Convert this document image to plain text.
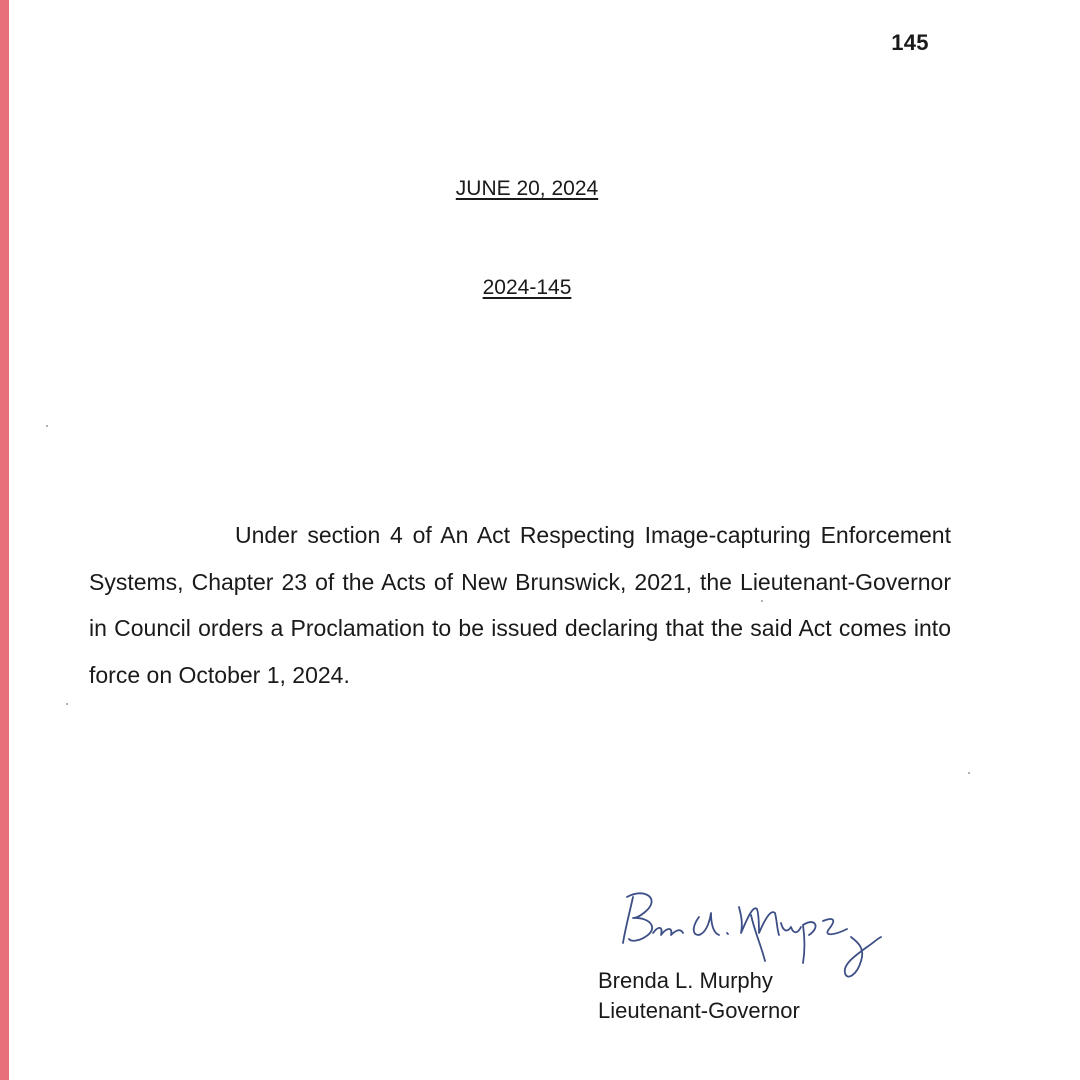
145
JUNE 20, 2024
2024-145

Under section 4 of An Act Respecting Image-capturing Enforcement Systems, Chapter 23 of the Acts of New Brunswick, 2021, the Lieutenant-Governor in Council orders a Proclamation to be issued declaring that the said Act comes into force on October 1, 2024.

Brenda L. Murphy
Lieutenant-Governor
